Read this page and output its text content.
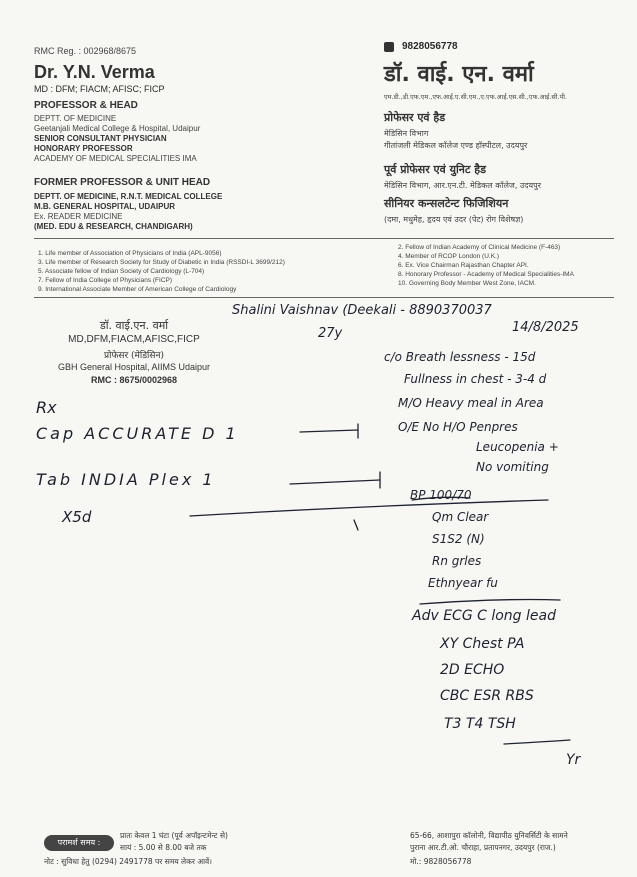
RMC Reg. : 002968/8675
Dr. Y.N. Verma
MD : DFM; FIACM; AFISC; FICP
PROFESSOR & HEAD
DEPTT. OF MEDICINE
Geetanjali Medical College & Hospital, Udaipur
SENIOR CONSULTANT PHYSICIAN
HONORARY PROFESSOR
ACADEMY OF MEDICAL SPECIALITIES IMA
FORMER PROFESSOR & UNIT HEAD
DEPTT. OF MEDICINE, R.N.T. MEDICAL COLLEGE
M.B. GENERAL HOSPITAL, UDAIPUR
Ex. READER MEDICINE
(MED. EDU & RESEARCH, CHANDIGARH)
9828056778
डॉ. वाई. एन. वर्मा
एम.डी.,डी.एफ.एम.,एफ.आई.ए.सी.एम.,ए.एफ.आई.एस.सी.,एफ.आई.सी.पी.
प्रोफेसर एवं हैड
मेडिसिन विभाग
गीतांजली मेडिकल कॉलेज एण्ड हॉस्पीटल, उदयपुर
पूर्व प्रोफेसर एवं युनिट हैड
मेडिसिन विभाग, आर.एन.टी. मेडिकल कॉलेज, उदयपुर
सीनियर कन्सलटेन्ट फिजिशियन
(दमा, मधुमेह, हृदय एवं उदर (पेट) रोग विशेषज्ञ)
1. Life member of Association of Physicians of India (APL-9056)
3. Life member of Research Society for Study of Diabetic in India (RSSDI-L 3699/212)
5. Associate fellow of Indian Society of Cardiology (L-704)
7. Fellow of India College of Physicians (FICP)
9. International Associate Member of American College of Cardiology
2. Fellow of Indian Academy of Clinical Medicine (F-463)
4. Member of RCOP London (U.K.)
6. Ex. Vice Chairman Rajasthan Chapter API.
8. Honorary Professor - Academy of Medical Specialities-IMA
10. Governing Body Member West Zone, IACM.
डॉ. वाई.एन. वर्मा
MD,DFM,FIACM,AFISC,FICP
प्रोफेसर (मेडिसिन)
GBH General Hospital, AIIMS Udaipur
RMC : 8675/0002968
Shalini Vaishnav (Deekali - 8890370037
27y	14/8/2025
Rx
Cap ACCURATE D 1
Tab INDIA Plex 1
X5d
c/o Breath lessness - 15d
Fullness in chest - 3-4 d
M/O Heavy meal in Area
O/E No H/O Penpres
Leucopenia +
No vomiting
BP 100/70
Qm Clear
S1S2 (N)
Rn grles
Ethnyear fu
Adv ECG C long lead
XY Chest PA
2D ECHO
CBC ESR RBS
T3 T4 TSH
Yr
परामर्श समय :
प्रातः केवल 1 घंटा (पूर्व अपॉइन्टमेन्ट से)
सायं : 5.00 से 8.00 बजे तक
नोट : सुविधा हेतु (0294) 2491778 पर समय लेकर आवें।
65-66, आशापुरा कॉलोनी, विद्यापीठ युनिवर्सिटी के सामने
पुराना आर.टी.ओ. चौराहा, प्रतापनगर, उदयपुर (राज.)
मो.: 9828056778
